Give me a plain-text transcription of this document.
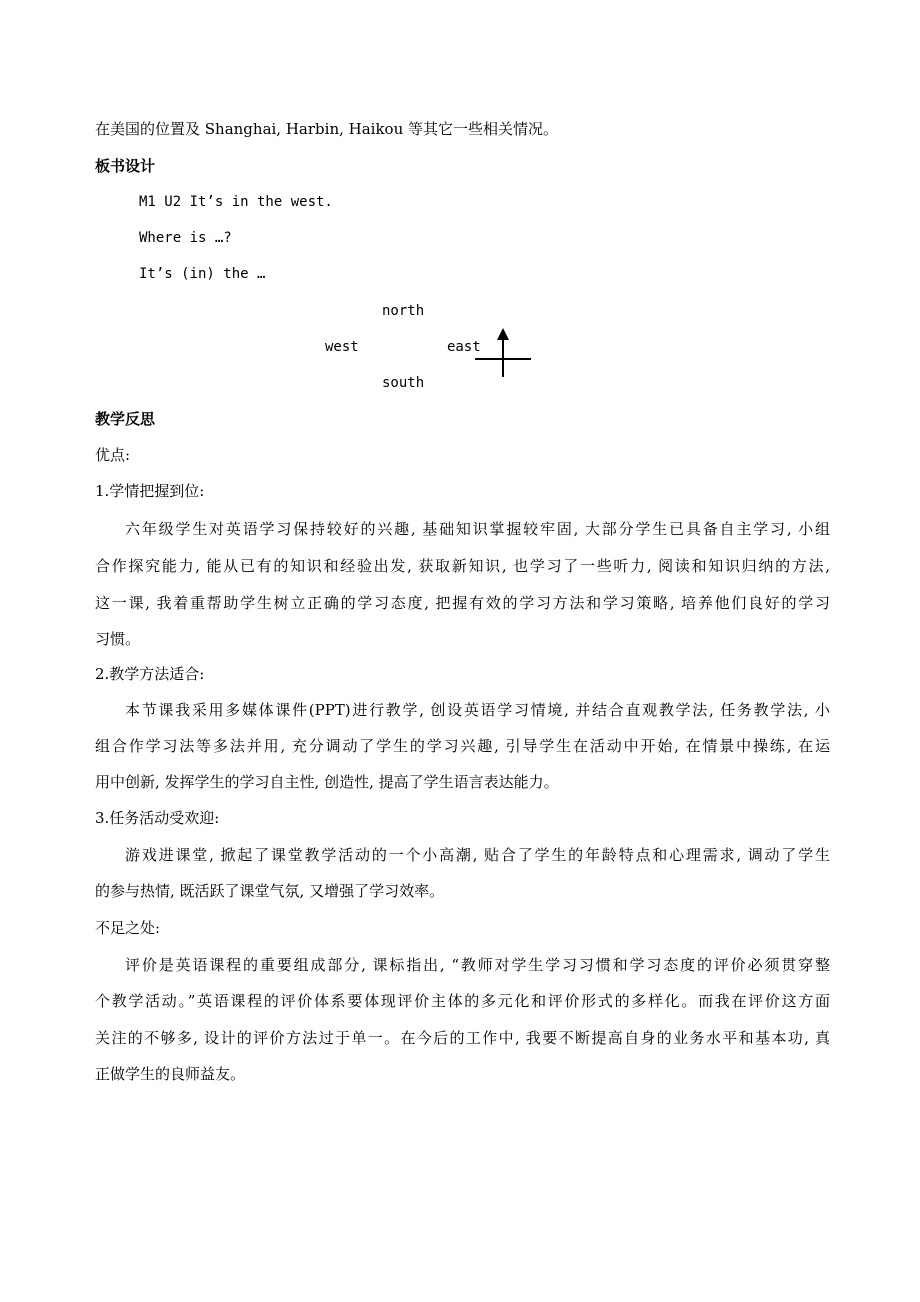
在美国的位置及 Shanghai, Harbin, Haikou 等其它一些相关情况。
板书设计
M1 U2 It’s in the west.
Where is …?
It’s (in) the …
north
west	east
south
教学反思
优点:
1.学情把握到位:
六年级学生对英语学习保持较好的兴趣, 基础知识掌握较牢固, 大部分学生已具备自主学习, 小组
合作探究能力, 能从已有的知识和经验出发, 获取新知识, 也学习了一些听力, 阅读和知识归纳的方法,
这一课, 我着重帮助学生树立正确的学习态度, 把握有效的学习方法和学习策略, 培养他们良好的学习
习惯。
2.教学方法适合:
本节课我采用多媒体课件(PPT)进行教学, 创设英语学习情境, 并结合直观教学法, 任务教学法, 小
组合作学习法等多法并用, 充分调动了学生的学习兴趣, 引导学生在活动中开始, 在情景中操练, 在运
用中创新, 发挥学生的学习自主性, 创造性, 提高了学生语言表达能力。
3.任务活动受欢迎:
游戏进课堂, 掀起了课堂教学活动的一个小高潮, 贴合了学生的年龄特点和心理需求, 调动了学生
的参与热情, 既活跃了课堂气氛, 又增强了学习效率。
不足之处:
评价是英语课程的重要组成部分, 课标指出, “教师对学生学习习惯和学习态度的评价必须贯穿整
个教学活动。”英语课程的评价体系要体现评价主体的多元化和评价形式的多样化。而我在评价这方面
关注的不够多, 设计的评价方法过于单一。在今后的工作中, 我要不断提高自身的业务水平和基本功, 真
正做学生的良师益友。
